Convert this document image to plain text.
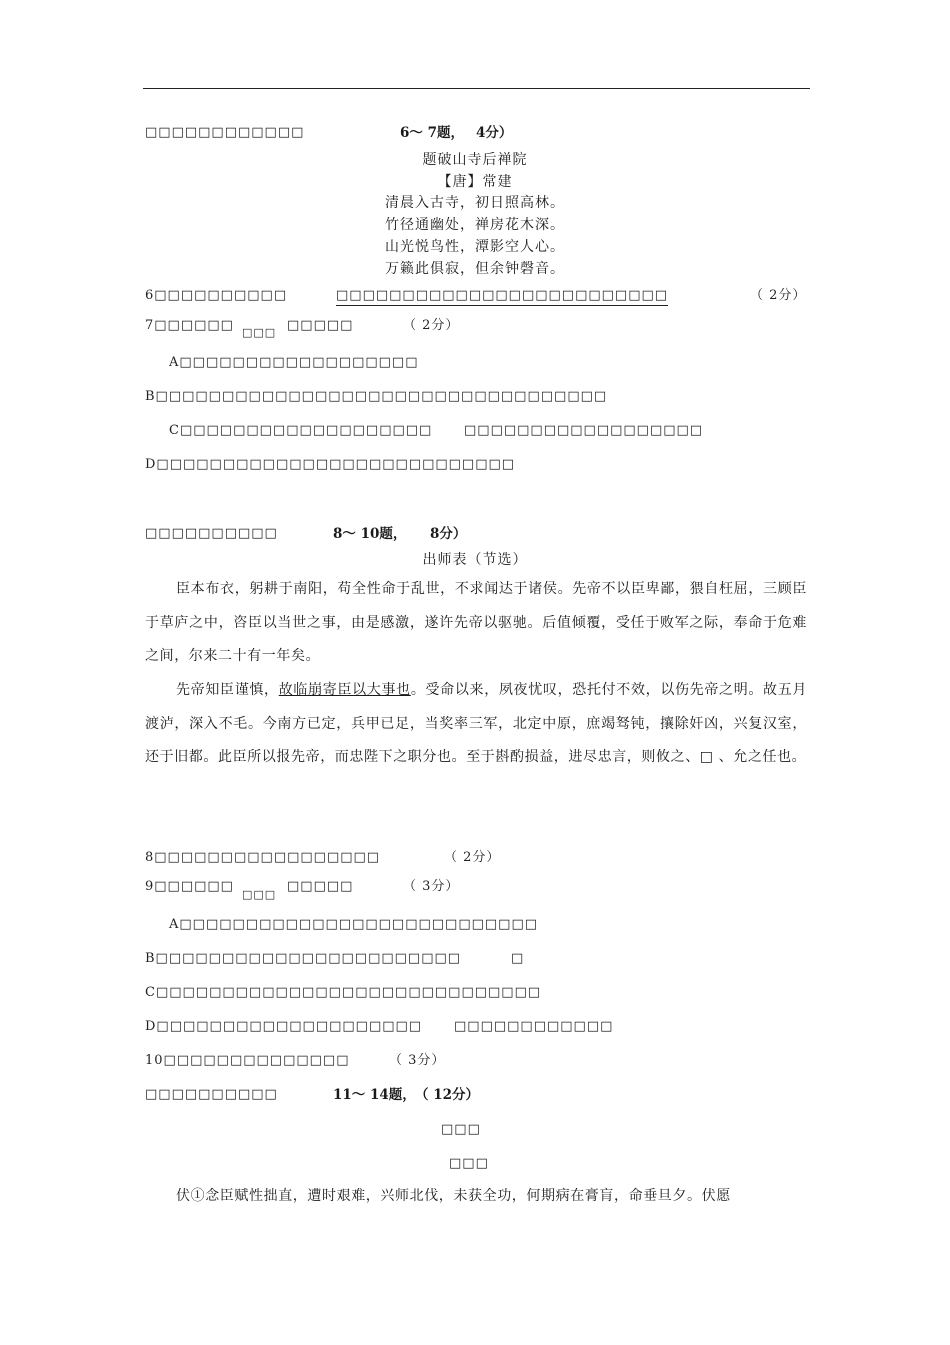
□□□□□□□□□□□□	6～ 7题， 4分）
题破山寺后禅院
【唐】常建
清晨入古寺，初日照高林。
竹径通幽处，禅房花木深。
山光悦鸟性，潭影空人心。
万籁此俱寂，但余钟磬音。
6□□□□□□□□□□	□□□□□□□□□□□□□□□□□□□□□□□□□	（ 2分）
7□□□□□□ □□□ □□□□□	（ 2分）
A□□□□□□□□□□□□□□□□□□
B□□□□□□□□□□□□□□□□□□□□□□□□□□□□□□□□□□
C□□□□□□□□□□□□□□□□□□□ □□□□□□□□□□□□□□□□□□
D□□□□□□□□□□□□□□□□□□□□□□□□□□□
□□□□□□□□□□	8～ 10题， 8分）
出师表（节选）
臣本布衣，躬耕于南阳，苟全性命于乱世，不求闻达于诸侯。先帝不以臣卑鄙，猥自枉屈，三顾臣于草庐之中，咨臣以当世之事，由是感激，遂许先帝以驱驰。后值倾覆，受任于败军之际，奉命于危难之间，尔来二十有一年矣。
先帝知臣谨慎，故临崩寄臣以大事也。受命以来，夙夜忧叹，恐托付不效，以伤先帝之明。故五月渡泸，深入不毛。今南方已定，兵甲已足，当奖率三军，北定中原，庶竭驽钝，攘除奸凶，兴复汉室，还于旧都。此臣所以报先帝，而忠陛下之职分也。至于斟酌损益，进尽忠言，则攸之、□ 、允之任也。
8□□□□□□□□□□□□□□□□□	（ 2分）
9□□□□□□
□□□
□□□□□	（ 3分）
A□□□□□□□□□□□□□□□□□□□□□□□□□□□
B□□□□□□□□□□□□□□□□□□□□□□□	□
C□□□□□□□□□□□□□□□□□□□□□□□□□□□□□
D□□□□□□□□□□□□□□□□□□□□ □□□□□□□□□□□□
10□□□□□□□□□□□□□□	（ 3分）
□□□□□□□□□□	11～ 14题， （ 12分）
□□□
□□□
伏①念臣赋性拙直，遭时艰难，兴师北伐，未获全功，何期病在膏肓，命垂旦夕。伏愿
